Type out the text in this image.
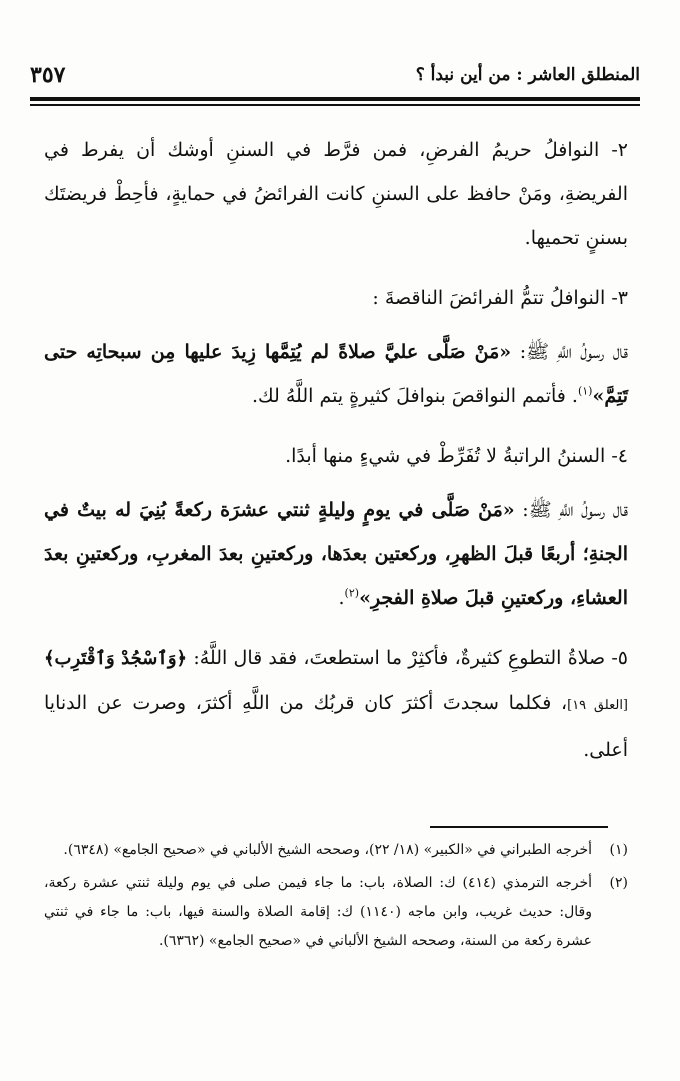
٣٥٧	المنطلق العاشر : من أين نبدأ ؟

٢- النوافلُ حريمُ الفرضِ، فمن فرَّط في السننِ أوشك أن يفرط في الفريضةِ، ومَنْ حافظ على السننِ كانت الفرائضُ في حمايةٍ، فأحِطْ فريضتَك بسننٍ تحميها.

٣- النوافلُ تتمُّ الفرائضَ الناقصةَ :

قال رسولُ اللَّهِ ﷺ: «مَنْ صَلَّى عليَّ صلاةً لم يُتِمَّها زِيدَ عليها مِن سبحاتِه حتى تَتِمَّ»$^{(١)}$. فأتمم النواقصَ بنوافلَ كثيرةٍ يتم اللَّهُ لك.

٤- السننُ الراتبةُ لا تُفَرِّطْ في شيءٍ منها أبدًا.

قال رسولُ اللَّهِ ﷺ: «مَنْ صَلَّى في يومٍ وليلةٍ ثنتي عشرَة ركعةً بُنِيَ له بيتٌ في الجنةِ؛ أربعًا قبلَ الظهرِ، وركعتين بعدَها، وركعتينِ بعدَ المغربِ، وركعتينِ بعدَ العشاءِ، وركعتينِ قبلَ صلاةِ الفجرِ»$^{(٢)}$.

٥- صلاةُ التطوعِ كثيرةٌ، فأكثِرْ ما استطعتَ، فقد قال اللَّهُ: ﴿وَٱسْجُدْ وَٱقْتَرِب﴾ [العلق ١٩]، فكلما سجدتَ أكثرَ كان قربُك من اللَّهِ أكثرَ، وصرت عن الدنايا أعلى.

(١)
أخرجه الطبراني في «الكبير» (١٨/ ٢٢)، وصححه الشيخ الألباني في «صحيح الجامع» (٦٣٤٨).
(٢)
أخرجه الترمذي (٤١٤) ك: الصلاة، باب: ما جاء فيمن صلى في يوم وليلة ثنتي عشرة ركعة، وقال: حديث غريب، وابن ماجه (١١٤٠) ك: إقامة الصلاة والسنة فيها، باب: ما جاء في ثنتي عشرة ركعة من السنة، وصححه الشيخ الألباني في «صحيح الجامع» (٦٣٦٢).
